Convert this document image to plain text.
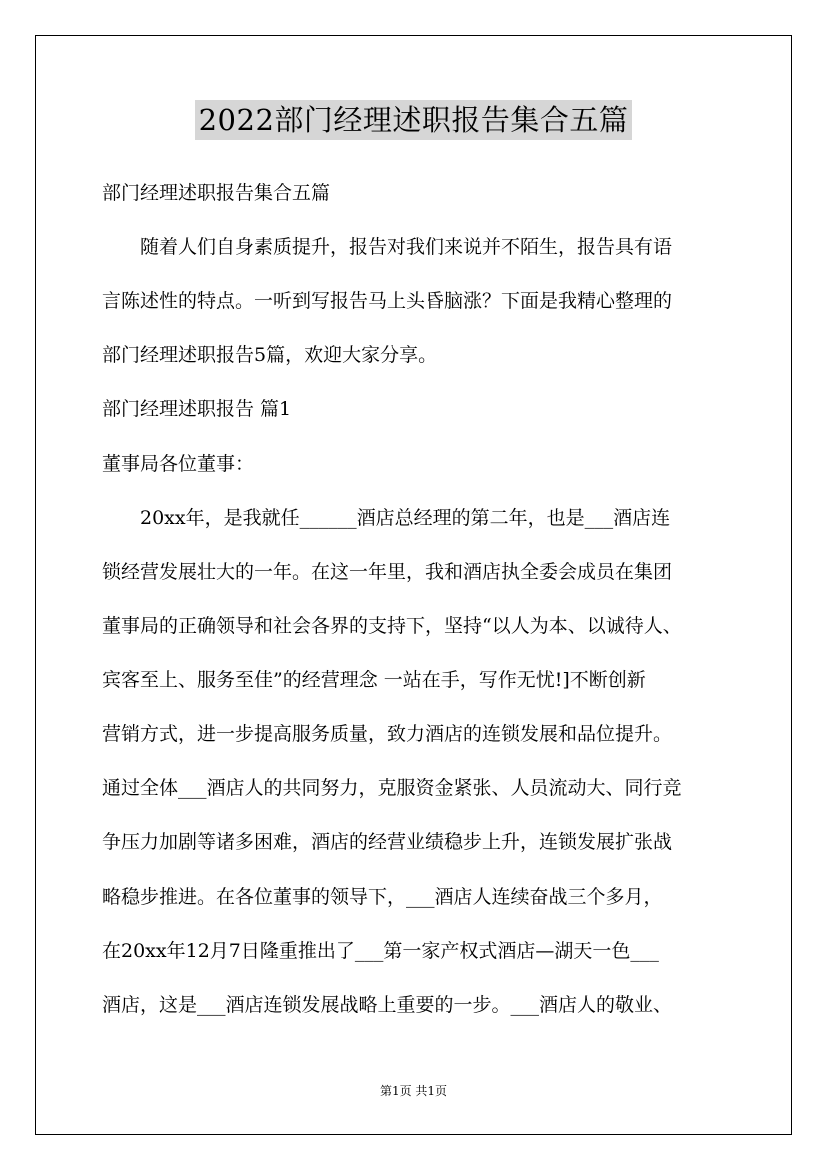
2022部门经理述职报告集合五篇
部门经理述职报告集合五篇
　　随着人们自身素质提升，报告对我们来说并不陌生，报告具有语
言陈述性的特点。一听到写报告马上头昏脑涨？下面是我精心整理的
部门经理述职报告5篇，欢迎大家分享。
部门经理述职报告 篇1
董事局各位董事：
　　20xx年，是我就任______酒店总经理的第二年，也是___酒店连
锁经营发展壮大的一年。在这一年里，我和酒店执全委会成员在集团
董事局的正确领导和社会各界的支持下，坚持“以人为本、以诚待人、
宾客至上、服务至佳”的经营理念 一站在手，写作无忧!]不断创新
营销方式，进一步提高服务质量，致力酒店的连锁发展和品位提升。
通过全体___酒店人的共同努力，克服资金紧张、人员流动大、同行竞
争压力加剧等诸多困难，酒店的经营业绩稳步上升，连锁发展扩张战
略稳步推进。在各位董事的领导下，___酒店人连续奋战三个多月，
在20xx年12月7日隆重推出了___第一家产权式酒店—湖天一色___
酒店，这是___酒店连锁发展战略上重要的一步。___酒店人的敬业、
第1页 共1页
